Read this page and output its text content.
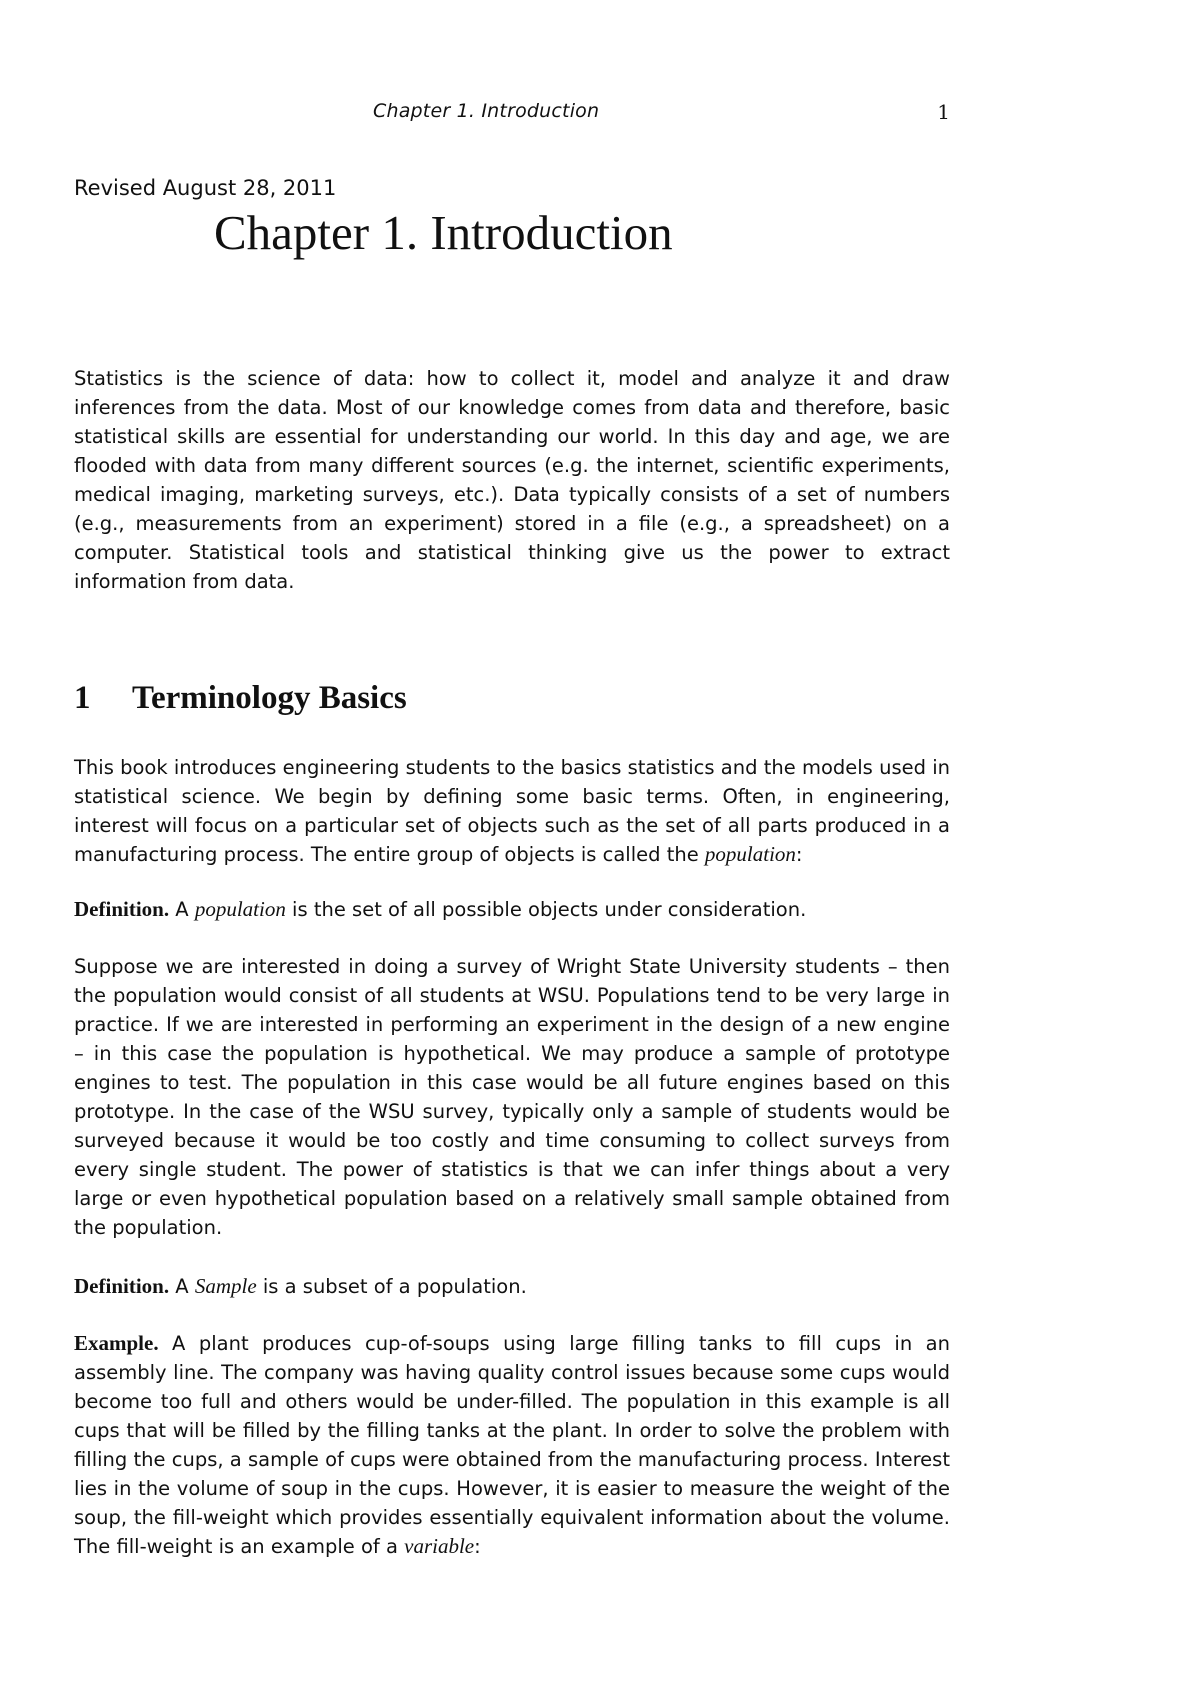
Chapter 1. Introduction	1
Revised August 28, 2011
Chapter 1. Introduction

Statistics is the science of data: how to collect it, model and analyze it and draw inferences from the data. Most of our knowledge comes from data and therefore, basic statistical skills are essential for understanding our world. In this day and age, we are flooded with data from many different sources (e.g. the internet, scientific experiments, medical imaging, marketing surveys, etc.). Data typically consists of a set of numbers (e.g., measurements from an experiment) stored in a file (e.g., a spreadsheet) on a computer. Statistical tools and statistical thinking give us the power to extract information from data.

1 Terminology Basics

This book introduces engineering students to the basics statistics and the models used in statistical science. We begin by defining some basic terms. Often, in engineering, interest will focus on a particular set of objects such as the set of all parts produced in a manufacturing process. The entire group of objects is called the population:

Definition. A population is the set of all possible objects under consideration.

Suppose we are interested in doing a survey of Wright State University students – then the population would consist of all students at WSU. Populations tend to be very large in practice. If we are interested in performing an experiment in the design of a new engine – in this case the population is hypothetical. We may produce a sample of prototype engines to test. The population in this case would be all future engines based on this prototype. In the case of the WSU survey, typically only a sample of students would be surveyed because it would be too costly and time consuming to collect surveys from every single student. The power of statistics is that we can infer things about a very large or even hypothetical population based on a relatively small sample obtained from the population.

Definition. A Sample is a subset of a population.

Example. A plant produces cup-of-soups using large filling tanks to fill cups in an assembly line. The company was having quality control issues because some cups would become too full and others would be under-filled. The population in this example is all cups that will be filled by the filling tanks at the plant. In order to solve the problem with filling the cups, a sample of cups were obtained from the manufacturing process. Interest lies in the volume of soup in the cups. However, it is easier to measure the weight of the soup, the fill-weight which provides essentially equivalent information about the volume. The fill-weight is an example of a variable:
